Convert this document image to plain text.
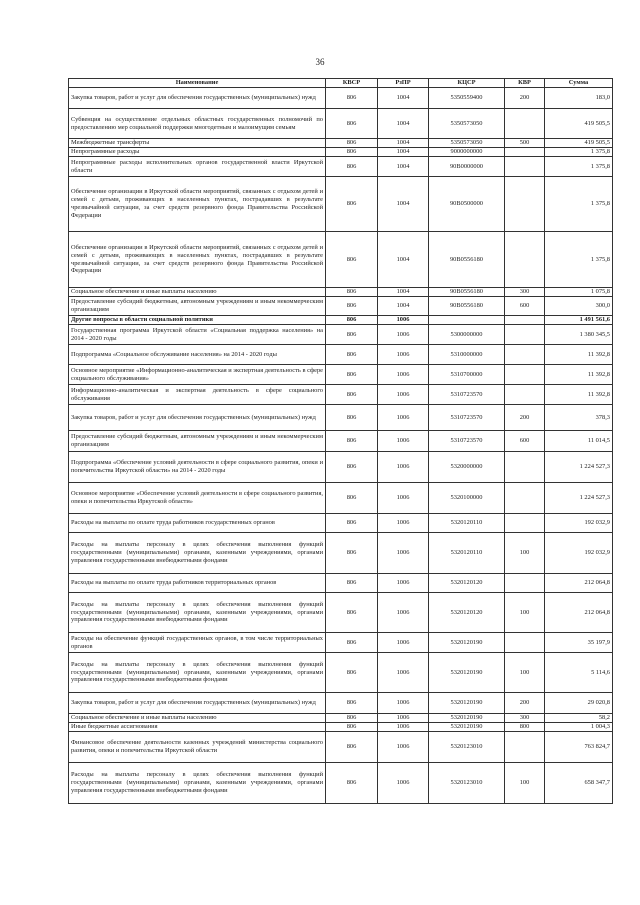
36
Наименование	КВСР	РзПР	КЦСР	КВР	Сумма
Закупка товаров, работ и услуг для обеспечения государственных (муниципальных) нужд	806	1004	5350559400	200	183,0
Субвенция на осуществление отдельных областных государственных полномочий по предоставлению мер социальной поддержки многодетным и малоимущим семьям	806	1004	5350573050		419 505,5
Межбюджетные трансферты	806	1004	5350573050	500	419 505,5
Непрограммные расходы	806	1004	9000000000		1 375,8
Непрограммные расходы исполнительных органов государственной власти Иркутской области	806	1004	90В0000000		1 375,8
Обеспечение организации в Иркутской области мероприятий, связанных с отдыхом детей и семей с детьми, проживающих в населенных пунктах, пострадавших в результате чрезвычайной ситуации, за счет средств резервного фонда Правительства Российской Федерации	806	1004	90В0500000		1 375,8
Обеспечение организации в Иркутской области мероприятий, связанных с отдыхом детей и семей с детьми, проживающих в населенных пунктах, пострадавших в результате чрезвычайной ситуации, за счет средств резервного фонда Правительства Российской Федерации	806	1004	90В0556180		1 375,8
Социальное обеспечение и иные выплаты населению	806	1004	90В0556180	300	1 075,8
Предоставление субсидий бюджетным, автономным учреждениям и иным некоммерческим организациям	806	1004	90В0556180	600	300,0
Другие вопросы в области социальной политики	806	1006			1 491 561,6
Государственная программа Иркутской области «Социальная поддержка населения» на 2014 - 2020 годы	806	1006	5300000000		1 380 345,5
Подпрограмма «Социальное обслуживание населения» на 2014 - 2020 годы	806	1006	5310000000		11 392,8
Основное мероприятие «Информационно-аналитическая и экспертная деятельность в сфере социального обслуживания»	806	1006	5310700000		11 392,8
Информационно-аналитическая и экспертная деятельность в сфере социального обслуживания	806	1006	5310723570		11 392,8
Закупка товаров, работ и услуг для обеспечения государственных (муниципальных) нужд	806	1006	5310723570	200	378,3
Предоставление субсидий бюджетным, автономным учреждениям и иным некоммерческим организациям	806	1006	5310723570	600	11 014,5
Подпрограмма «Обеспечение условий деятельности в сфере социального развития, опеки и попечительства Иркутской области» на 2014 - 2020 годы	806	1006	5320000000		1 224 527,3
Основное мероприятие «Обеспечение условий деятельности в сфере социального развития, опеки и попечительства Иркутской области»	806	1006	5320100000		1 224 527,3
Расходы на выплаты по оплате труда работников государственных органов	806	1006	5320120110		192 032,9
Расходы на выплаты персоналу в целях обеспечения выполнения функций государственными (муниципальными) органами, казенными учреждениями, органами управления государственными внебюджетными фондами	806	1006	5320120110	100	192 032,9
Расходы на выплаты по оплате труда работников территориальных органов	806	1006	5320120120		212 064,8
Расходы на выплаты персоналу в целях обеспечения выполнения функций государственными (муниципальными) органами, казенными учреждениями, органами управления государственными внебюджетными фондами	806	1006	5320120120	100	212 064,8
Расходы на обеспечение функций государственных органов, в том числе территориальных органов	806	1006	5320120190		35 197,9
Расходы на выплаты персоналу в целях обеспечения выполнения функций государственными (муниципальными) органами, казенными учреждениями, органами управления государственными внебюджетными фондами	806	1006	5320120190	100	5 114,6
Закупка товаров, работ и услуг для обеспечения государственных (муниципальных) нужд	806	1006	5320120190	200	29 020,8
Социальное обеспечение и иные выплаты населению	806	1006	5320120190	300	58,2
Иные бюджетные ассигнования	806	1006	5320120190	800	1 004,3
Финансовое обеспечение деятельности казенных учреждений министерства социального развития, опеки и попечительства Иркутской области	806	1006	5320123010		763 824,7
Расходы на выплаты персоналу в целях обеспечения выполнения функций государственными (муниципальными) органами, казенными учреждениями, органами управления государственными внебюджетными фондами	806	1006	5320123010	100	658 347,7
